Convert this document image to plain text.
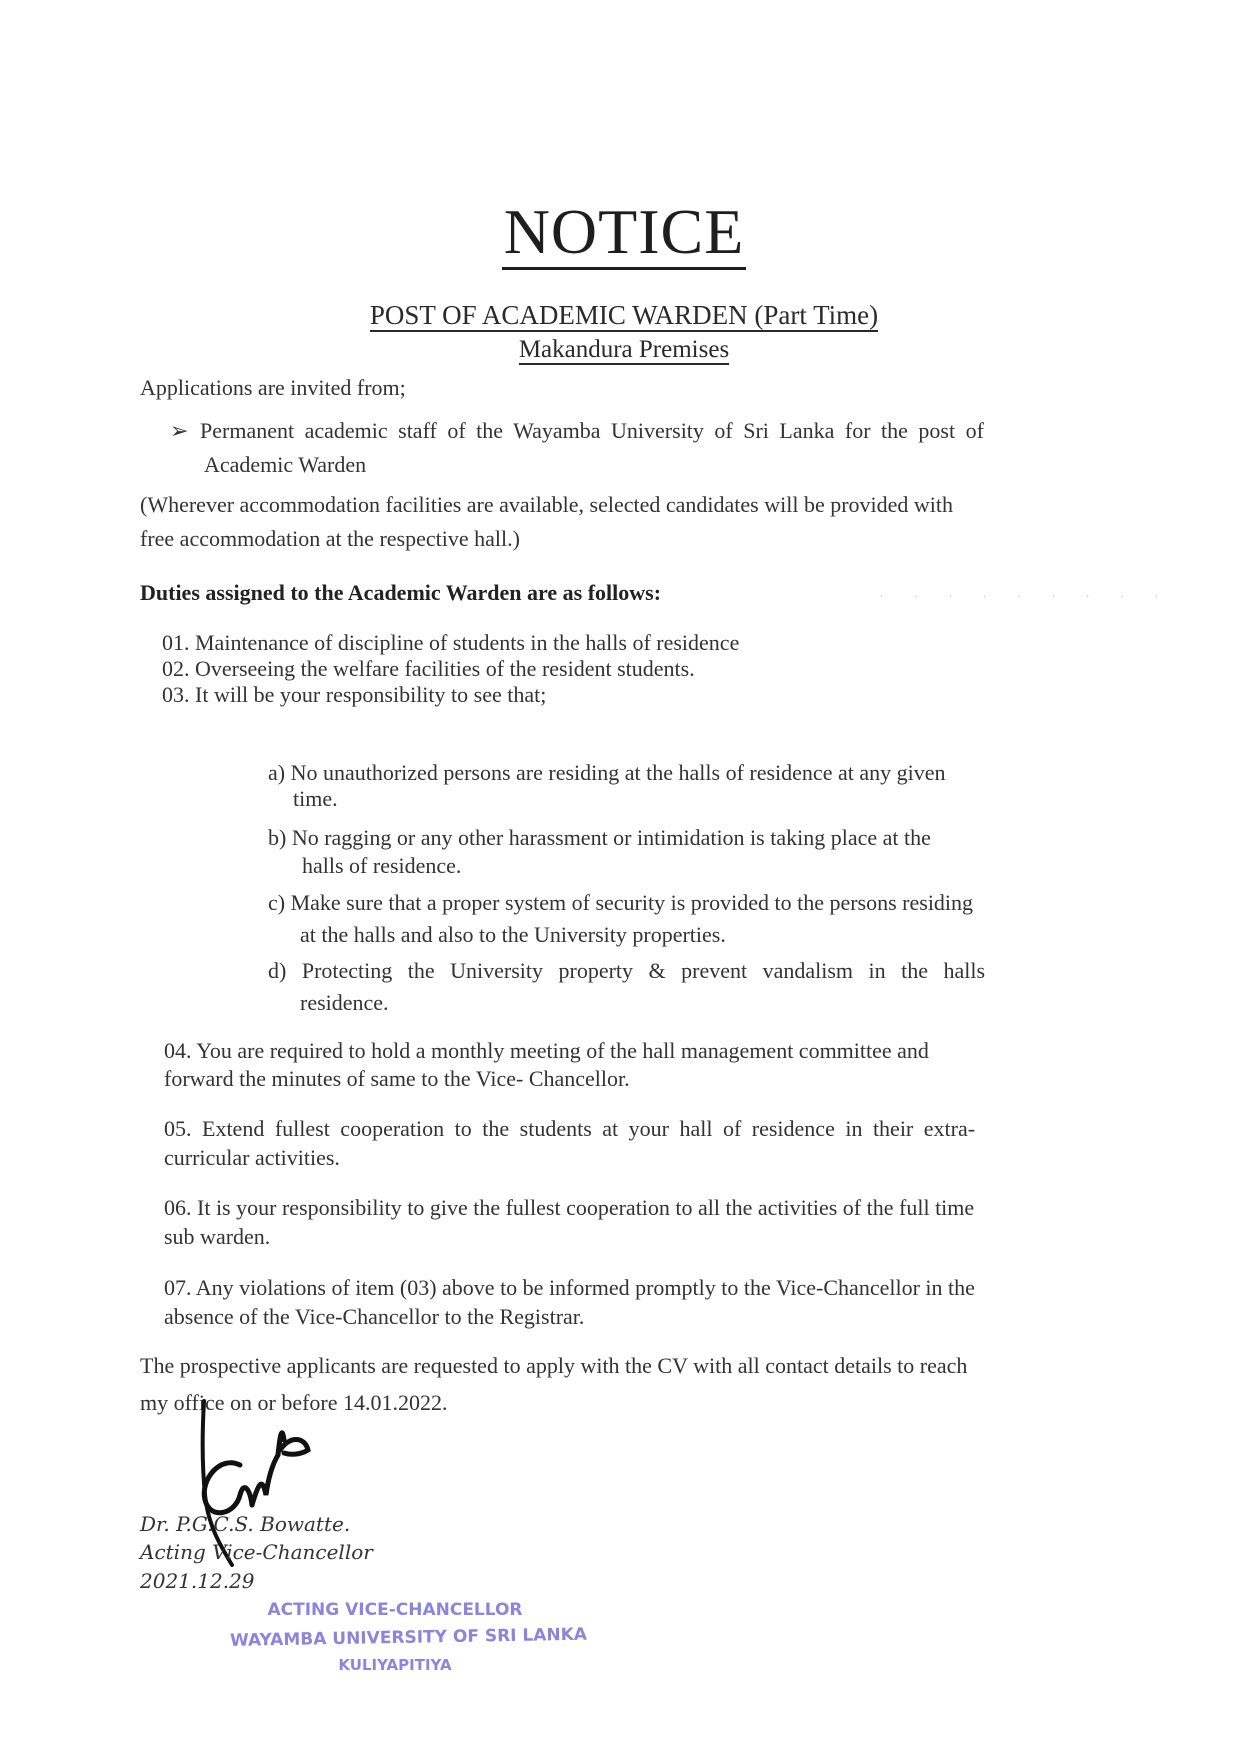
NOTICE
POST OF ACADEMIC WARDEN (Part Time)
Makandura Premises
Applications are invited from;
➢ Permanent academic staff of the Wayamba University of Sri Lanka for the post of
Academic Warden
(Wherever accommodation facilities are available, selected candidates will be provided with
free accommodation at the respective hall.)
Duties assigned to the Academic Warden are as follows:	· · · · · · · · ·
01. Maintenance of discipline of students in the halls of residence
02. Overseeing the welfare facilities of the resident students.
03. It will be your responsibility to see that;
a) No unauthorized persons are residing at the halls of residence at any given
time.
b) No ragging or any other harassment or intimidation is taking place at the
halls of residence.
c) Make sure that a proper system of security is provided to the persons residing
at the halls and also to the University properties.
d) Protecting the University property & prevent vandalism in the halls
residence.
04. You are required to hold a monthly meeting of the hall management committee and
forward the minutes of same to the Vice- Chancellor.
05. Extend fullest cooperation to the students at your hall of residence in their extra-
curricular activities.
06. It is your responsibility to give the fullest cooperation to all the activities of the full time
sub warden.
07. Any violations of item (03) above to be informed promptly to the Vice-Chancellor in the
absence of the Vice-Chancellor to the Registrar.
The prospective applicants are requested to apply with the CV with all contact details to reach
my office on or before 14.01.2022.
Dr. P.G.C.S. Bowatte.
Acting Vice-Chancellor
2021.12.29
ACTING VICE-CHANCELLOR
WAYAMBA UNIVERSITY OF SRI LANKA
KULIYAPITIYA
